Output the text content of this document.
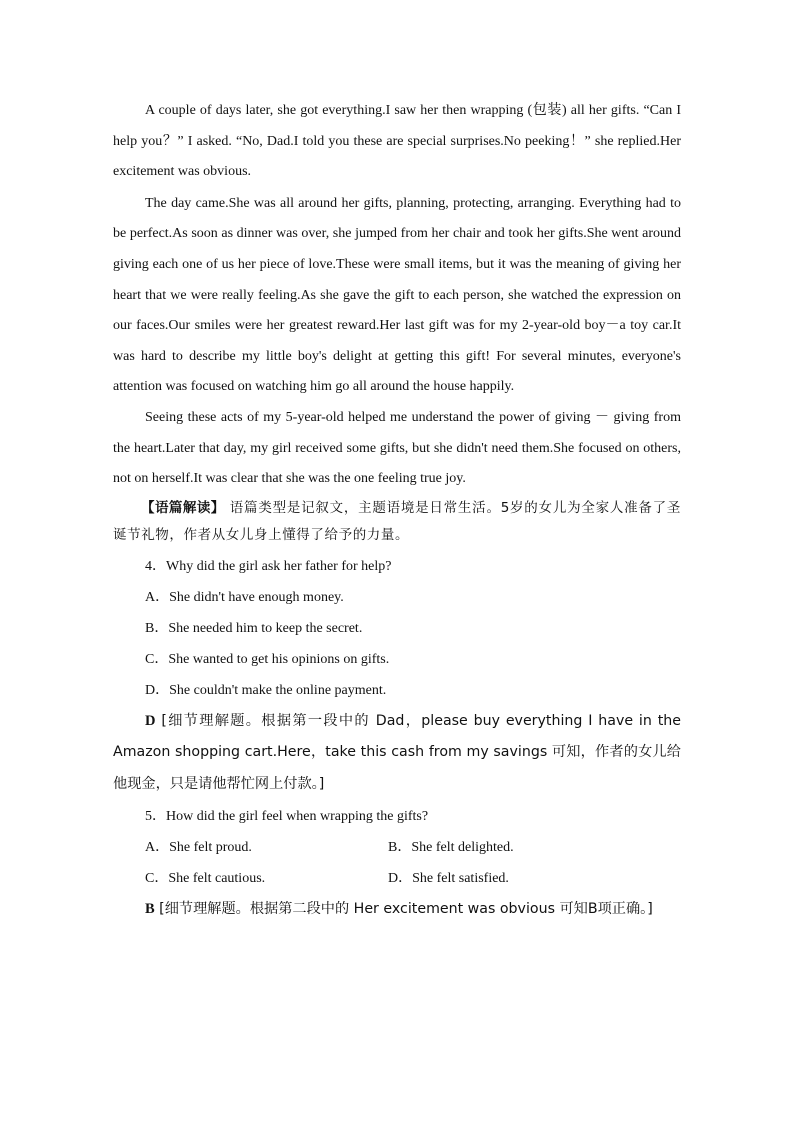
A couple of days later, she got everything.I saw her then wrapping (包装) all her gifts. “Can I help you？” I asked. “No, Dad.I told you these are special surprises.No peeking！” she replied.Her excitement was obvious.

The day came.She was all around her gifts, planning, protecting, arranging. Everything had to be perfect.As soon as dinner was over, she jumped from her chair and took her gifts.She went around giving each one of us her piece of love.These were small items, but it was the meaning of giving her heart that we were really feeling.As she gave the gift to each person, she watched the expression on our faces.Our smiles were her greatest reward.Her last gift was for my 2-year-old boy－a toy car.It was hard to describe my little boy's delight at getting this gift! For several minutes, everyone's attention was focused on watching him go all around the house happily.

Seeing these acts of my 5-year-old helped me understand the power of giving － giving from the heart.Later that day, my girl received some gifts, but she didn't need them.She focused on others, not on herself.It was clear that she was the one feeling true joy.

【语篇解读】 语篇类型是记叙文，主题语境是日常生活。5岁的女儿为全家人准备了圣诞节礼物，作者从女儿身上懂得了给予的力量。

4．Why did the girl ask her father for help?

A．She didn't have enough money.

B．She needed him to keep the secret.

C．She wanted to get his opinions on gifts.

D．She couldn't make the online payment.

D [细节理解题。根据第一段中的 Dad，please buy everything I have in the Amazon shopping cart.Here，take this cash from my savings 可知，作者的女儿给他现金，只是请他帮忙网上付款。]

5．How did the girl feel when wrapping the gifts?

A．She felt proud.	B．She felt delighted.
C．She felt cautious.	D．She felt satisfied.

B [细节理解题。根据第二段中的 Her excitement was obvious 可知B项正确。]
